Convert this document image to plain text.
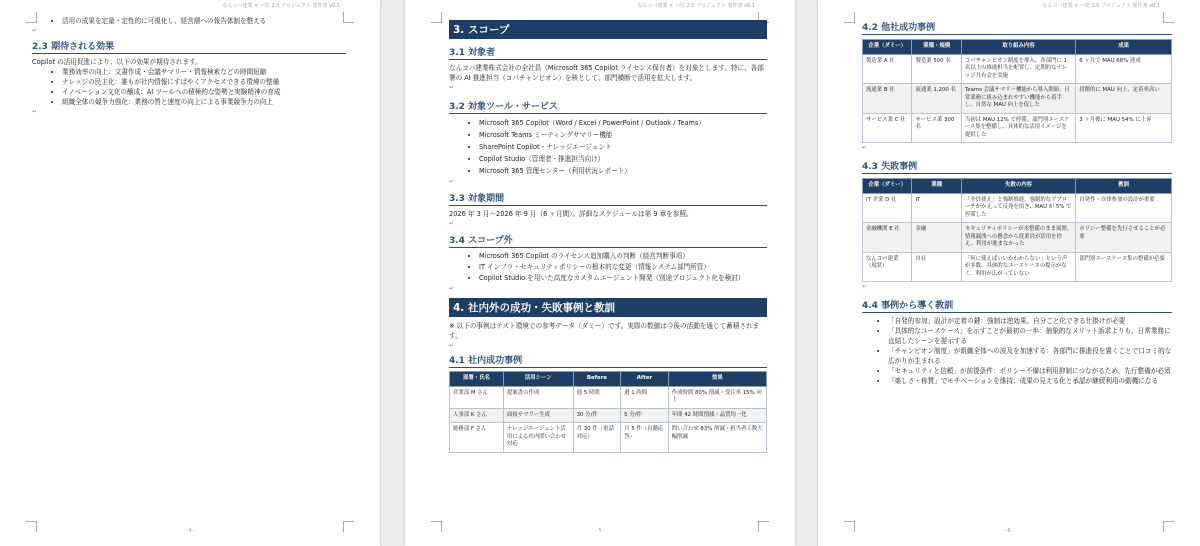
なんコバ建業 × バ児 2.0 プロジェクト 要件書 v0.1
• 活用の成果を定量・定性的に可視化し、経営層への報告体制を整える
↵
2.3 期待される効果

Copilot の活用促進により、以下の効果が期待されます。

• 業務効率の向上：文書作成・会議サマリー・情報検索などの時間短縮
• ナレッジの民主化：誰もが社内情報にすばやくアクセスできる環境の整備
• イノベーション文化の醸成：AI ツールへの積極的な姿勢と実験精神の育成
• 組織全体の競争力強化：業務の質と速度の向上による事業競争力の向上
↵
- 4 -
なんコバ建業 × バ児 2.0 プロジェクト 要件書 v0.1
3. スコープ
3.1 対象者

なんコバ建業株式会社の全社員（Microsoft 365 Copilot ライセンス保有者）を対象とします。特に、各部署の AI 推進担当（コパチャンピオン）を核として、部門横断で活用を拡大します。

↵
3.2 対象ツール・サービス
• Microsoft 365 Copilot（Word / Excel / PowerPoint / Outlook / Teams）
• Microsoft Teams ミーティングサマリー機能
• SharePoint Copilot・ナレッジエージェント
• Copilot Studio（管理者・推進担当向け）
• Microsoft 365 管理センター（利用状況レポート）
↵
3.3 対象期間

2026 年 3 月〜2026 年 9 月（6 ヶ月間）。詳細なスケジュールは第 9 章を参照。

↵
3.4 スコープ外
• Microsoft 365 Copilot のライセンス追加購入の判断（経営判断事項）
• IT インフラ・セキュリティポリシーの根本的な変更（情報システム部門所管）
• Copilot Studio を用いた高度なカスタムエージェント開発（別途プロジェクト化を検討）
↵
4. 社内外の成功・失敗事例と教訓

※ 以下の事例はテスト環境での参考データ（ダミー）です。実際の数値は今後の活動を通じて蓄積されます。

↵
4.1 社内成功事例
部署・氏名	活用シーン	Before	After	効果
営業部 M さん	提案書の作成	週 5 時間	週 1 時間	作成時間 80% 削減・受注率 15% 向上
人事部 K さん	面接サマリー生成	30 分/件	5 分/件	年間 42 時間削減・品質均一化
総務部 F さん	ナレッジエージェント活用による社内問い合わせ対応	月 30 件（電話対応）	月 5 件（自動応答）	問い合わせ 83% 削減・担当者工数大幅削減
- 5 -
なんコバ建業 × バ児 2.0 プロジェクト 要件書 v0.1
4.2 他社成功事例
企業（ダミー）	業種・規模	取り組み内容	成果
製造業 A 社	製造業 500 名	コパチャンピオン制度を導入。各部門に 1 名以上の推進担当を配置し、定期的なナレッジ共有会を実施	6 ヶ月で MAU 68% 達成
流通業 B 社	流通業 1,200 名	Teams 会議サマリー機能から導入開始。日常業務に組み込まれやすい機能から着手し、自然な MAU 向上を促した	段階的に MAU 向上、定着率高い
サービス業 C 社	サービス業 300 名	当初は MAU 12% で停滞。部門別ユースケース集を整備し、具体的な活用イメージを提供した	3 ヶ月後に MAU 54% に上昇
↵
4.3 失敗事例
企業（ダミー）	業種	失敗の内容	教訓
IT 企業 D 社	IT	「全員使え」と強制推進。強制的なアプローチがかえって反発を招き、MAU が 5% で停滞した	自発性・自律参加の設計が重要
金融機関 E 社	金融	セキュリティポリシーが未整備のまま展開。情報漏洩への懸念から従業員が活用を控え、利用が進まなかった	ポリシー整備を先行させることが必要
なんコバ建業（現状）	自社	「何に使えばいいかわからない」という声が多数。具体的なユースケースの提示がなく、利用が広がっていない	部門別ユースケース集の整備が必要
↵
4.4 事例から導く教訓
• 「自発的参加」設計が定着の鍵：強制は逆効果。自分ごと化できる仕掛けが必要
• 「具体的なユースケース」を示すことが最初の一歩：抽象的なメリット訴求よりも、日常業務に直結したシーンを提示する
• 「チャンピオン制度」が組織全体への波及を加速する：各部門に推進役を置くことで口コミ的な広がりが生まれる
• 「セキュリティと信頼」が前提条件：ポリシー不備は利用抑制につながるため、先行整備が必須
• 「楽しさ・称賛」でモチベーションを維持：成果の見える化と承認が継続利用の動機になる
- 6 -
